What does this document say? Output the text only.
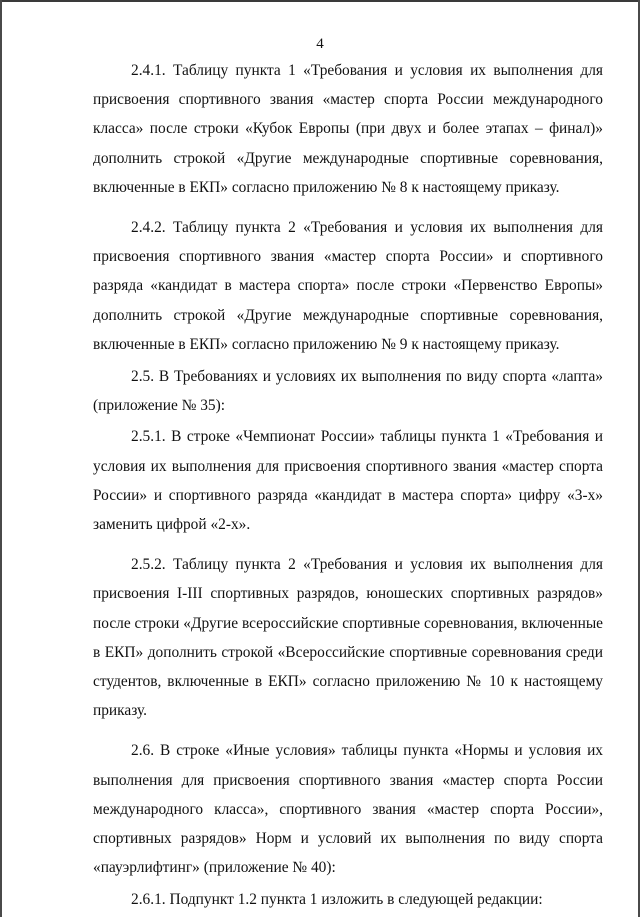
4

2.4.1. Таблицу пункта 1 «Требования и условия их выполнения для присвоения спортивного звания «мастер спорта России международного класса» после строки «Кубок Европы (при двух и более этапах – финал)» дополнить строкой «Другие международные спортивные соревнования, включенные в ЕКП» согласно приложению № 8 к настоящему приказу.

2.4.2. Таблицу пункта 2 «Требования и условия их выполнения для присвоения спортивного звания «мастер спорта России» и спортивного разряда «кандидат в мастера спорта» после строки «Первенство Европы» дополнить строкой «Другие международные спортивные соревнования, включенные в ЕКП» согласно приложению № 9 к настоящему приказу.

2.5. В Требованиях и условиях их выполнения по виду спорта «лапта» (приложение № 35):

2.5.1. В строке «Чемпионат России» таблицы пункта 1 «Требования и условия их выполнения для присвоения спортивного звания «мастер спорта России» и спортивного разряда «кандидат в мастера спорта» цифру «3-х» заменить цифрой «2-х».

2.5.2. Таблицу пункта 2 «Требования и условия их выполнения для присвоения I-III спортивных разрядов, юношеских спортивных разрядов» после строки «Другие всероссийские спортивные соревнования, включенные в ЕКП» дополнить строкой «Всероссийские спортивные соревнования среди студентов, включенные в ЕКП» согласно приложению № 10 к настоящему приказу.

2.6. В строке «Иные условия» таблицы пункта «Нормы и условия их выполнения для присвоения спортивного звания «мастер спорта России международного класса», спортивного звания «мастер спорта России», спортивных разрядов» Норм и условий их выполнения по виду спорта «пауэрлифтинг» (приложение № 40):

2.6.1. Подпункт 1.2 пункта 1 изложить в следующей редакции:
